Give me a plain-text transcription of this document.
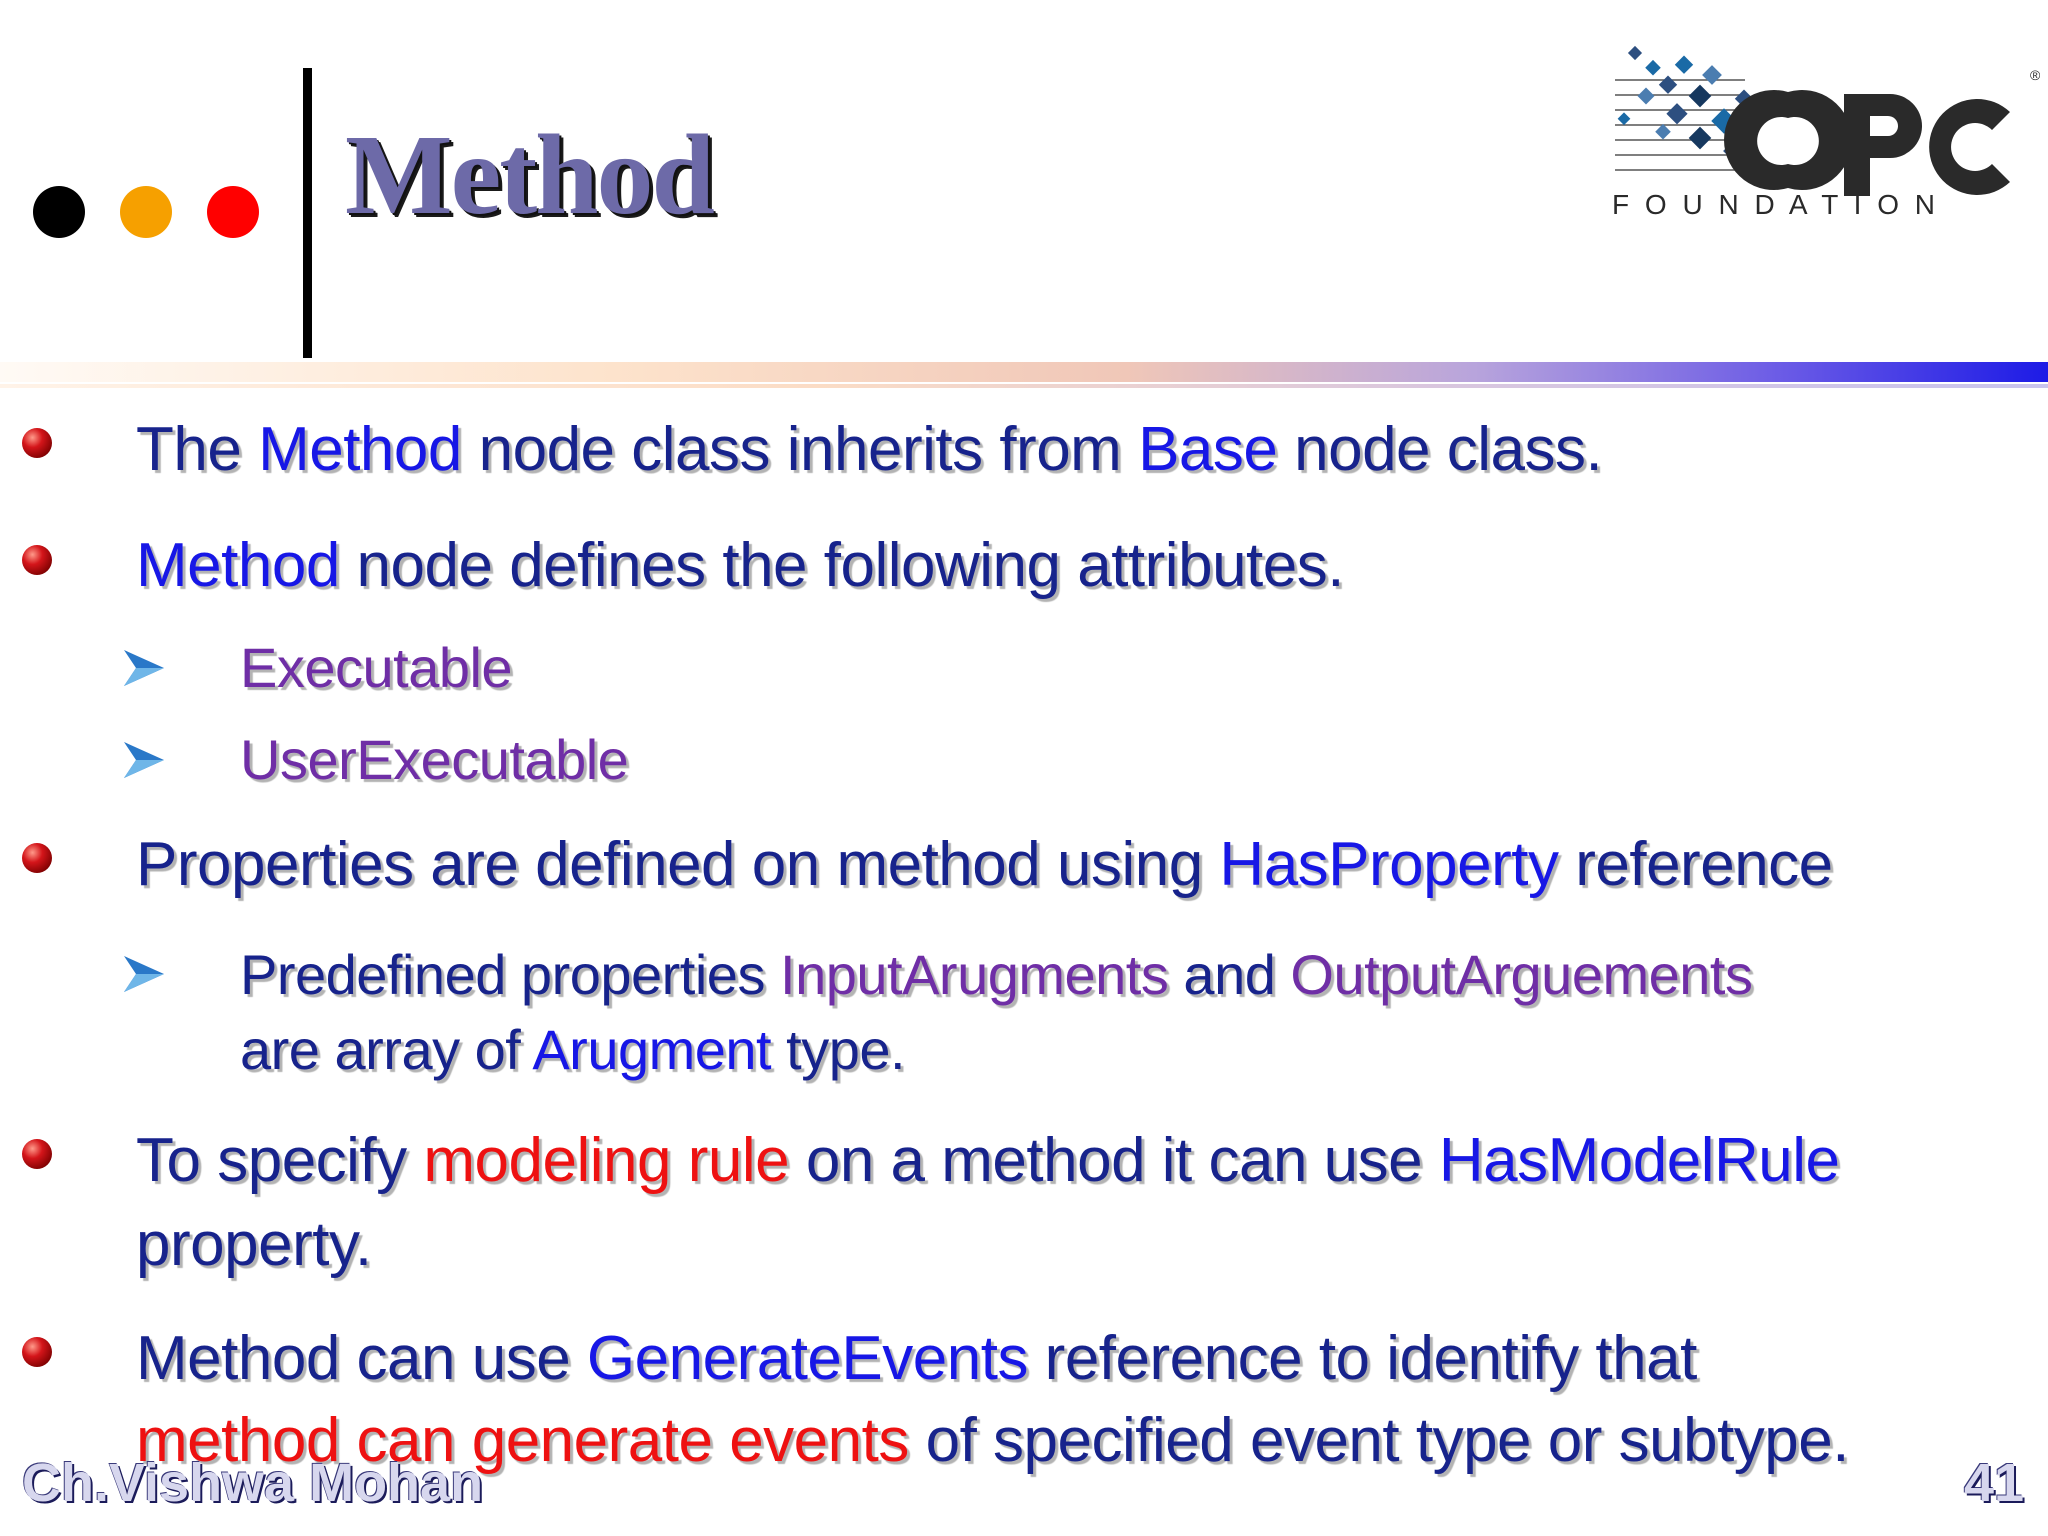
Method
®
F O U N D A T I O N
The Method node class inherits from Base node class.
Method node defines the following attributes.
Executable
UserExecutable
Properties are defined on method using HasProperty reference
Predefined properties InputArugments and OutputArguements
are array of Arugment type.
To specify modeling rule on a method it can use HasModelRule
property.
Method can use GenerateEvents reference to identify that
method can generate events of specified event type or subtype.
Ch.Vishwa Mohan	41
